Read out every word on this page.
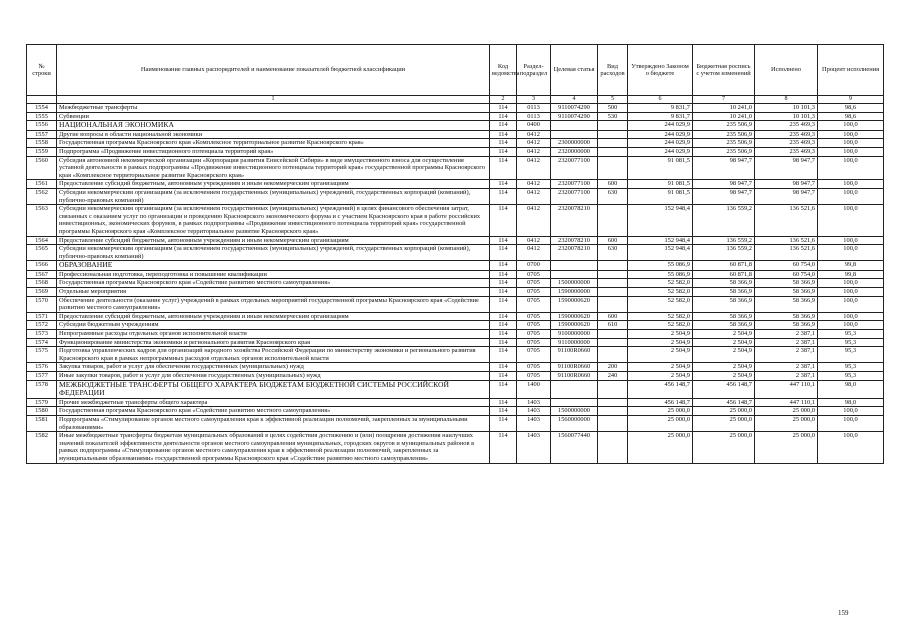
№ строки	Наименование главных распорядителей и наименование показателей бюджетной классификации	Код ведомства	Раздел-подраздел	Целевая статья	Вид расходов	Утверждено Законом о бюджете	Бюджетная роспись с учетом изменений	Исполнено	Процент исполнения
	1	2	3	4	5	6	7	8	9
1554	Межбюджетные трансферты	114	0113	9110074290	500	9 831,7	10 241,0	10 101,3	98,6
1555	Субвенции	114	0113	9110074290	530	9 831,7	10 241,0	10 101,3	98,6
1556	НАЦИОНАЛЬНАЯ ЭКОНОМИКА	114	0400			244 029,9	235 506,9	235 469,3	100,0
1557	Другие вопросы в области национальной экономики	114	0412			244 029,9	235 506,9	235 469,3	100,0
1558	Государственная программа Красноярского края «Комплексное территориальное развитие Красноярского края»	114	0412	2300000000		244 029,9	235 506,9	235 469,3	100,0
1559	Подпрограмма «Продвижение инвестиционного потенциала территорий края»	114	0412	2320000000		244 029,9	235 506,9	235 469,3	100,0
1560	Субсидия автономной некоммерческой организации «Корпорация развития Енисейской Сибири» в виде имущественного взноса для осуществления уставной деятельности в рамках подпрограммы «Продвижение инвестиционного потенциала территорий края» государственной программы Красноярского края «Комплексное территориальное развитие Красноярского края»	114	0412	2320077100		91 081,5	98 947,7	98 947,7	100,0
1561	Предоставление субсидий бюджетным, автономным учреждениям и иным некоммерческим организациям	114	0412	2320077100	600	91 081,5	98 947,7	98 947,7	100,0
1562	Субсидии некоммерческим организациям (за исключением государственных (муниципальных) учреждений, государственных корпораций (компаний), публично-правовых компаний)	114	0412	2320077100	630	91 081,5	98 947,7	98 947,7	100,0
1563	Субсидии некоммерческим организациям (за исключением государственных (муниципальных) учреждений) в целях финансового обеспечения затрат, связанных с оказанием услуг по организации и проведению Красноярского экономического форума и с участием Красноярского края в работе российских инвестиционных, экономических форумов, в рамках подпрограммы «Продвижение инвестиционного потенциала территорий края» государственной программы Красноярского края «Комплексное территориальное развитие Красноярского края»	114	0412	2320078210		152 948,4	136 559,2	136 521,6	100,0
1564	Предоставление субсидий бюджетным, автономным учреждениям и иным некоммерческим организациям	114	0412	2320078210	600	152 948,4	136 559,2	136 521,6	100,0
1565	Субсидии некоммерческим организациям (за исключением государственных (муниципальных) учреждений, государственных корпораций (компаний), публично-правовых компаний)	114	0412	2320078210	630	152 948,4	136 559,2	136 521,6	100,0
1566	ОБРАЗОВАНИЕ	114	0700			55 086,9	60 871,8	60 754,0	99,8
1567	Профессиональная подготовка, переподготовка и повышение квалификации	114	0705			55 086,9	60 871,8	60 754,0	99,8
1568	Государственная программа Красноярского края «Содействие развитию местного самоуправления»	114	0705	1500000000		52 582,0	58 366,9	58 366,9	100,0
1569	Отдельные мероприятия	114	0705	1590000000		52 582,0	58 366,9	58 366,9	100,0
1570	Обеспечение деятельности (оказание услуг) учреждений в рамках отдельных мероприятий государственной программы Красноярского края «Содействие развитию местного самоуправления»	114	0705	1590000620		52 582,0	58 366,9	58 366,9	100,0
1571	Предоставление субсидий бюджетным, автономным учреждениям и иным некоммерческим организациям	114	0705	1590000620	600	52 582,0	58 366,9	58 366,9	100,0
1572	Субсидии бюджетным учреждениям	114	0705	1590000620	610	52 582,0	58 366,9	58 366,9	100,0
1573	Непрограммные расходы отдельных органов исполнительной власти	114	0705	9100000000		2 504,9	2 504,9	2 387,1	95,3
1574	Функционирование министерства экономики и регионального развития Красноярского края	114	0705	9110000000		2 504,9	2 504,9	2 387,1	95,3
1575	Подготовка управленческих кадров для организаций народного хозяйства Российской Федерации по министерству экономики и регионального развития Красноярского края в рамках непрограммных расходов отдельных органов исполнительной власти	114	0705	91100R0660		2 504,9	2 504,9	2 387,1	95,3
1576	Закупка товаров, работ и услуг для обеспечения государственных (муниципальных) нужд	114	0705	91100R0660	200	2 504,9	2 504,9	2 387,1	95,3
1577	Иные закупки товаров, работ и услуг для обеспечения государственных (муниципальных) нужд	114	0705	91100R0660	240	2 504,9	2 504,9	2 387,1	95,3
1578	МЕЖБЮДЖЕТНЫЕ ТРАНСФЕРТЫ ОБЩЕГО ХАРАКТЕРА БЮДЖЕТАМ БЮДЖЕТНОЙ СИСТЕМЫ РОССИЙСКОЙ ФЕДЕРАЦИИ	114	1400			456 148,7	456 148,7	447 110,1	98,0
1579	Прочие межбюджетные трансферты общего характера	114	1403			456 148,7	456 148,7	447 110,1	98,0
1580	Государственная программа Красноярского края «Содействие развитию местного самоуправления»	114	1403	1500000000		25 000,0	25 000,0	25 000,0	100,0
1581	Подпрограмма «Стимулирование органов местного самоуправления края к эффективной реализации полномочий, закрепленных за муниципальными образованиями»	114	1403	1560000000		25 000,0	25 000,0	25 000,0	100,0
1582	Иные межбюджетные трансферты бюджетам муниципальных образований в целях содействия достижению и (или) поощрения достижения наилучших значений показателей эффективности деятельности органов местного самоуправления муниципальных, городских округов и муниципальных районов в рамках подпрограммы «Стимулирование органов местного самоуправления края к эффективной реализации полномочий, закрепленных за муниципальными образованиями» государственной программы Красноярского края «Содействие развитию местного самоуправления»	114	1403	1560077440		25 000,0	25 000,0	25 000,0	100,0
159
